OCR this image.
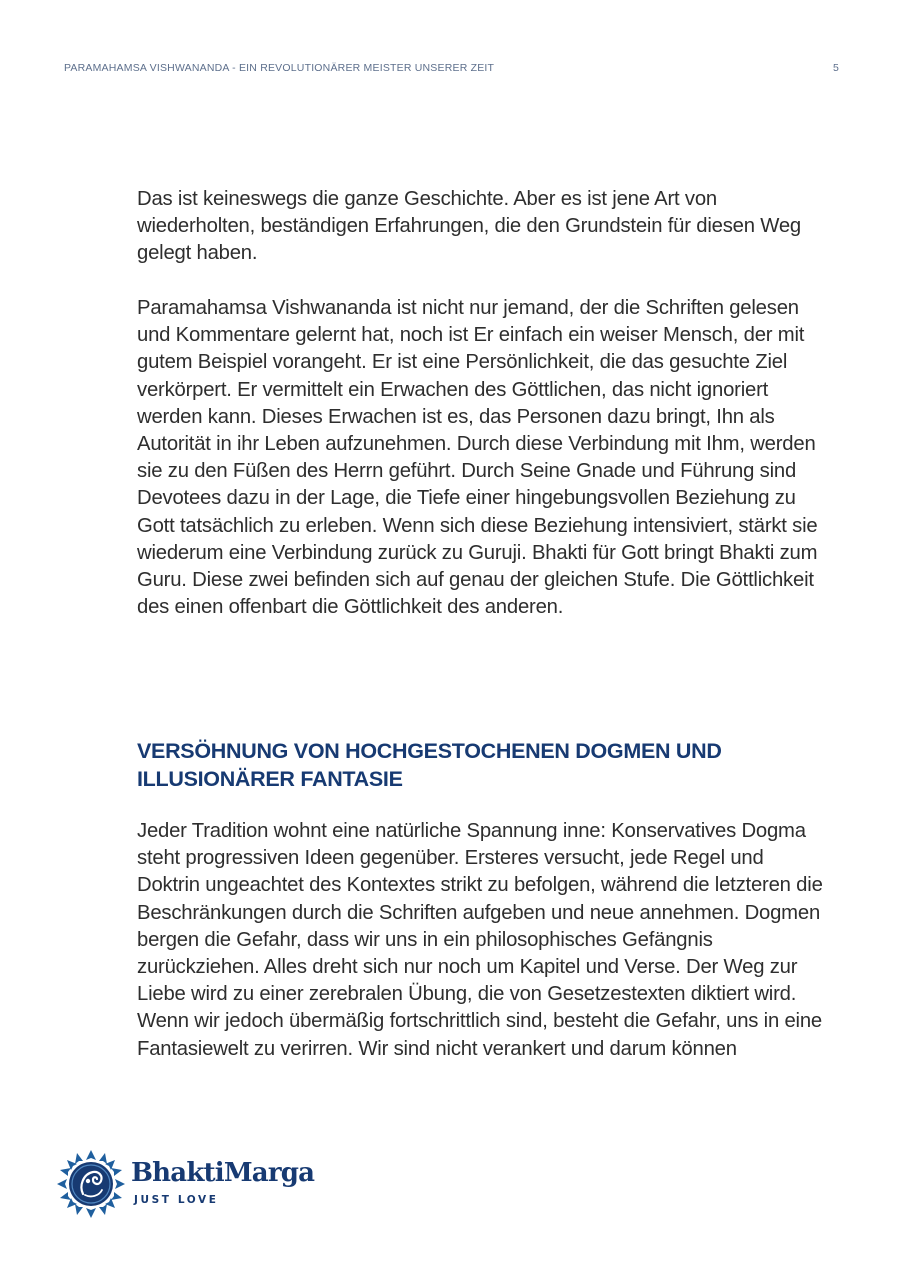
PARAMAHAMSA VISHWANANDA - EIN REVOLUTIONÄRER MEISTER UNSERER ZEIT	5

Das ist keineswegs die ganze Geschichte. Aber es ist jene Art von wiederholten, beständigen Erfahrungen, die den Grundstein für diesen Weg gelegt haben.

Paramahamsa Vishwananda ist nicht nur jemand, der die Schriften gelesen und Kommentare gelernt hat, noch ist Er einfach ein weiser Mensch, der mit gutem Beispiel vorangeht. Er ist eine Persönlichkeit, die das gesuchte Ziel verkörpert. Er vermittelt ein Erwachen des Göttlichen, das nicht ignoriert werden kann. Dieses Erwachen ist es, das Personen dazu bringt, Ihn als Autorität in ihr Leben aufzunehmen. Durch diese Verbindung mit Ihm, werden sie zu den Füßen des Herrn geführt. Durch Seine Gnade und Führung sind Devotees dazu in der Lage, die Tiefe einer hingebungsvollen Beziehung zu Gott tatsächlich zu erleben. Wenn sich diese Beziehung intensiviert, stärkt sie wiederum eine Verbindung zurück zu Guruji. Bhakti für Gott bringt Bhakti zum Guru. Diese zwei befinden sich auf genau der gleichen Stufe. Die Göttlichkeit des einen offenbart die Göttlichkeit des anderen.

VERSÖHNUNG VON HOCHGESTOCHENEN DOGMEN UND ILLUSIONÄRER FANTASIE

Jeder Tradition wohnt eine natürliche Spannung inne: Konservatives Dogma steht progressiven Ideen gegenüber. Ersteres versucht, jede Regel und Doktrin ungeachtet des Kontextes strikt zu befolgen, während die letzteren die Beschränkungen durch die Schriften aufgeben und neue annehmen. Dogmen bergen die Gefahr, dass wir uns in ein philosophisches Gefängnis zurückziehen. Alles dreht sich nur noch um Kapitel und Verse. Der Weg zur Liebe wird zu einer zerebralen Übung, die von Gesetzestexten diktiert wird. Wenn wir jedoch übermäßig fortschrittlich sind, besteht die Gefahr, uns in eine Fantasiewelt zu verirren. Wir sind nicht verankert und darum können

BhaktiMarga
JUST LOVE
